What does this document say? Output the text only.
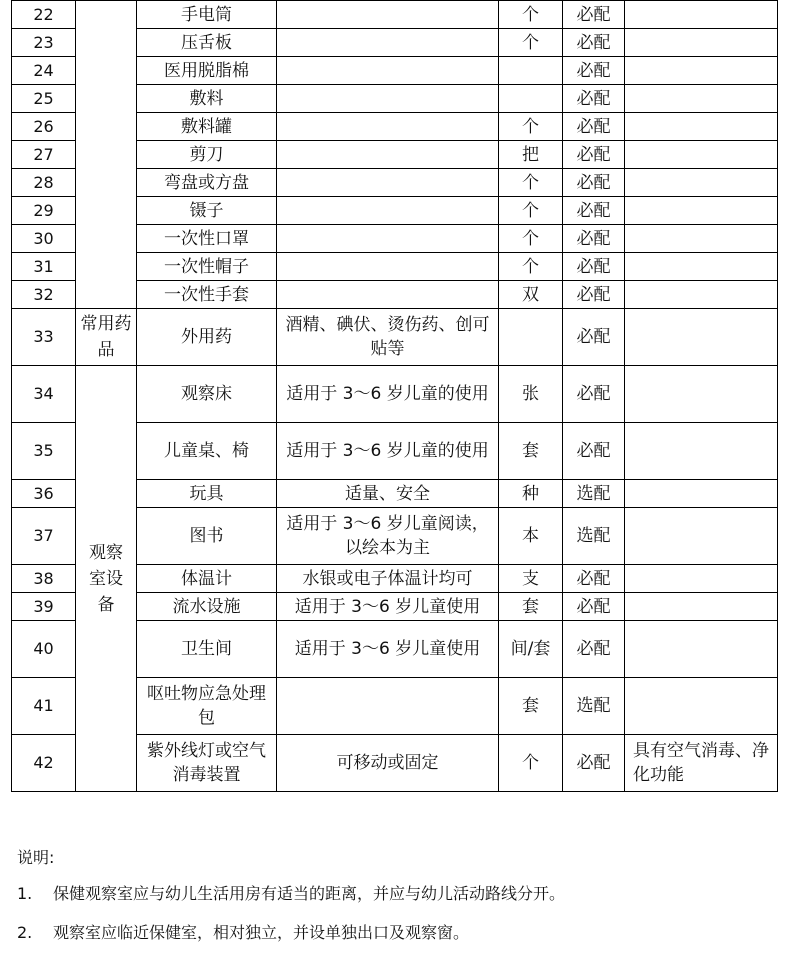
22		手电筒		个	必配	
23		压舌板		个	必配	
24		医用脱脂棉			必配	
25		敷料			必配	
26		敷料罐		个	必配	
27		剪刀		把	必配	
28		弯盘或方盘		个	必配	
29		镊子		个	必配	
30		一次性口罩		个	必配	
31		一次性帽子		个	必配	
32		一次性手套		双	必配	
33	常用药品	外用药	酒精、碘伏、烫伤药、创可贴等		必配	
34	观察室设备	观察床	适用于 3～6 岁儿童的使用	张	必配	
35		儿童桌、椅	适用于 3～6 岁儿童的使用	套	必配	
36		玩具	适量、安全	种	选配	
37		图书	适用于 3～6 岁儿童阅读，以绘本为主	本	选配	
38		体温计	水银或电子体温计均可	支	必配	
39		流水设施	适用于 3～6 岁儿童使用	套	必配	
40		卫生间	适用于 3～6 岁儿童使用	间/套	必配	
41		呕吐物应急处理包		套	选配	
42		紫外线灯或空气消毒装置	可移动或固定	个	必配	具有空气消毒、净化功能
说明:
1.	保健观察室应与幼儿生活用房有适当的距离，并应与幼儿活动路线分开。
2.	观察室应临近保健室，相对独立，并设单独出口及观察窗。
